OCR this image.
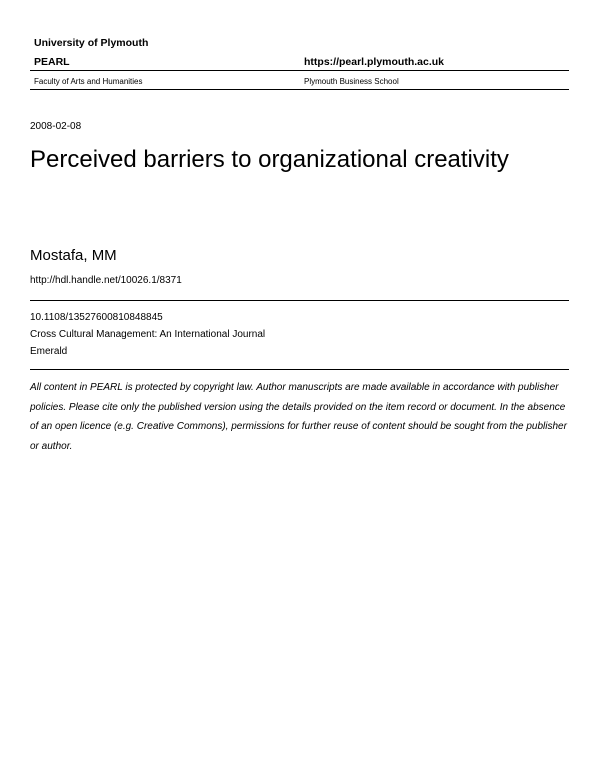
University of Plymouth
PEARL	https://pearl.plymouth.ac.uk
Faculty of Arts and Humanities	Plymouth Business School
2008-02-08
Perceived barriers to organizational creativity
Mostafa, MM
http://hdl.handle.net/10026.1/8371
10.1108/13527600810848845
Cross Cultural Management: An International Journal
Emerald
All content in PEARL is protected by copyright law. Author manuscripts are made available in accordance with publisher policies. Please cite only the published version using the details provided on the item record or document. In the absence of an open licence (e.g. Creative Commons), permissions for further reuse of content should be sought from the publisher or author.
